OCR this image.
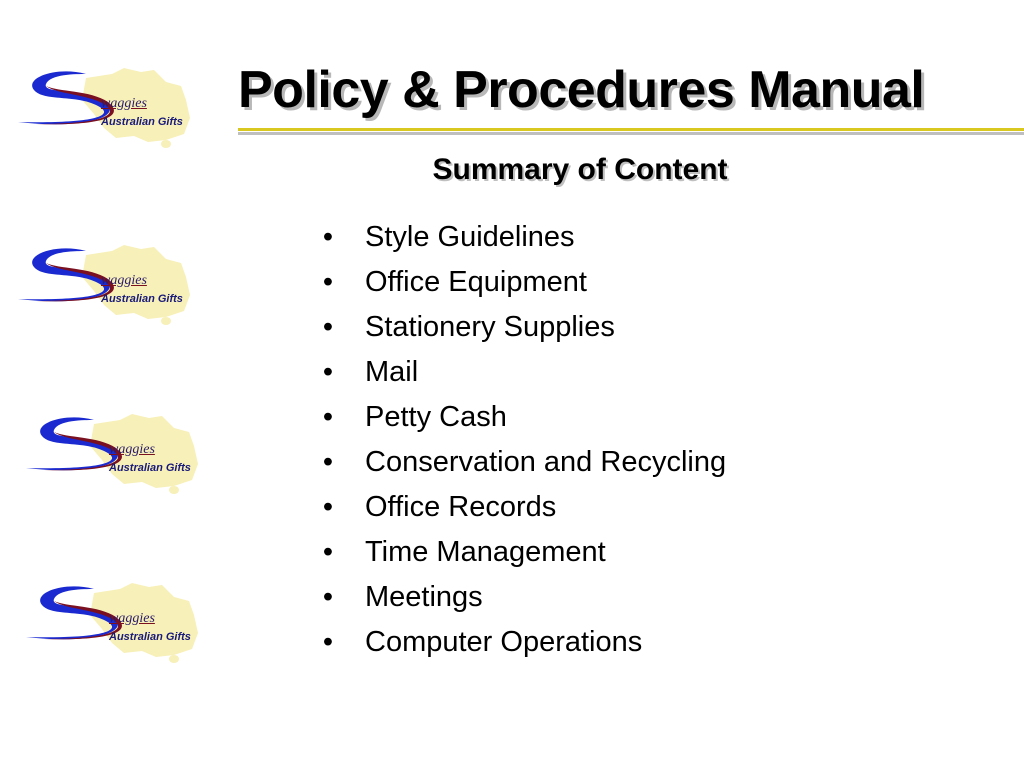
waggies
Australian Gifts
waggies
Australian Gifts
waggies
Australian Gifts
waggies
Australian Gifts
Policy & Procedures Manual
Summary of Content
• Style Guidelines
• Office Equipment
• Stationery Supplies
• Mail
• Petty Cash
• Conservation and Recycling
• Office Records
• Time Management
• Meetings
• Computer Operations
